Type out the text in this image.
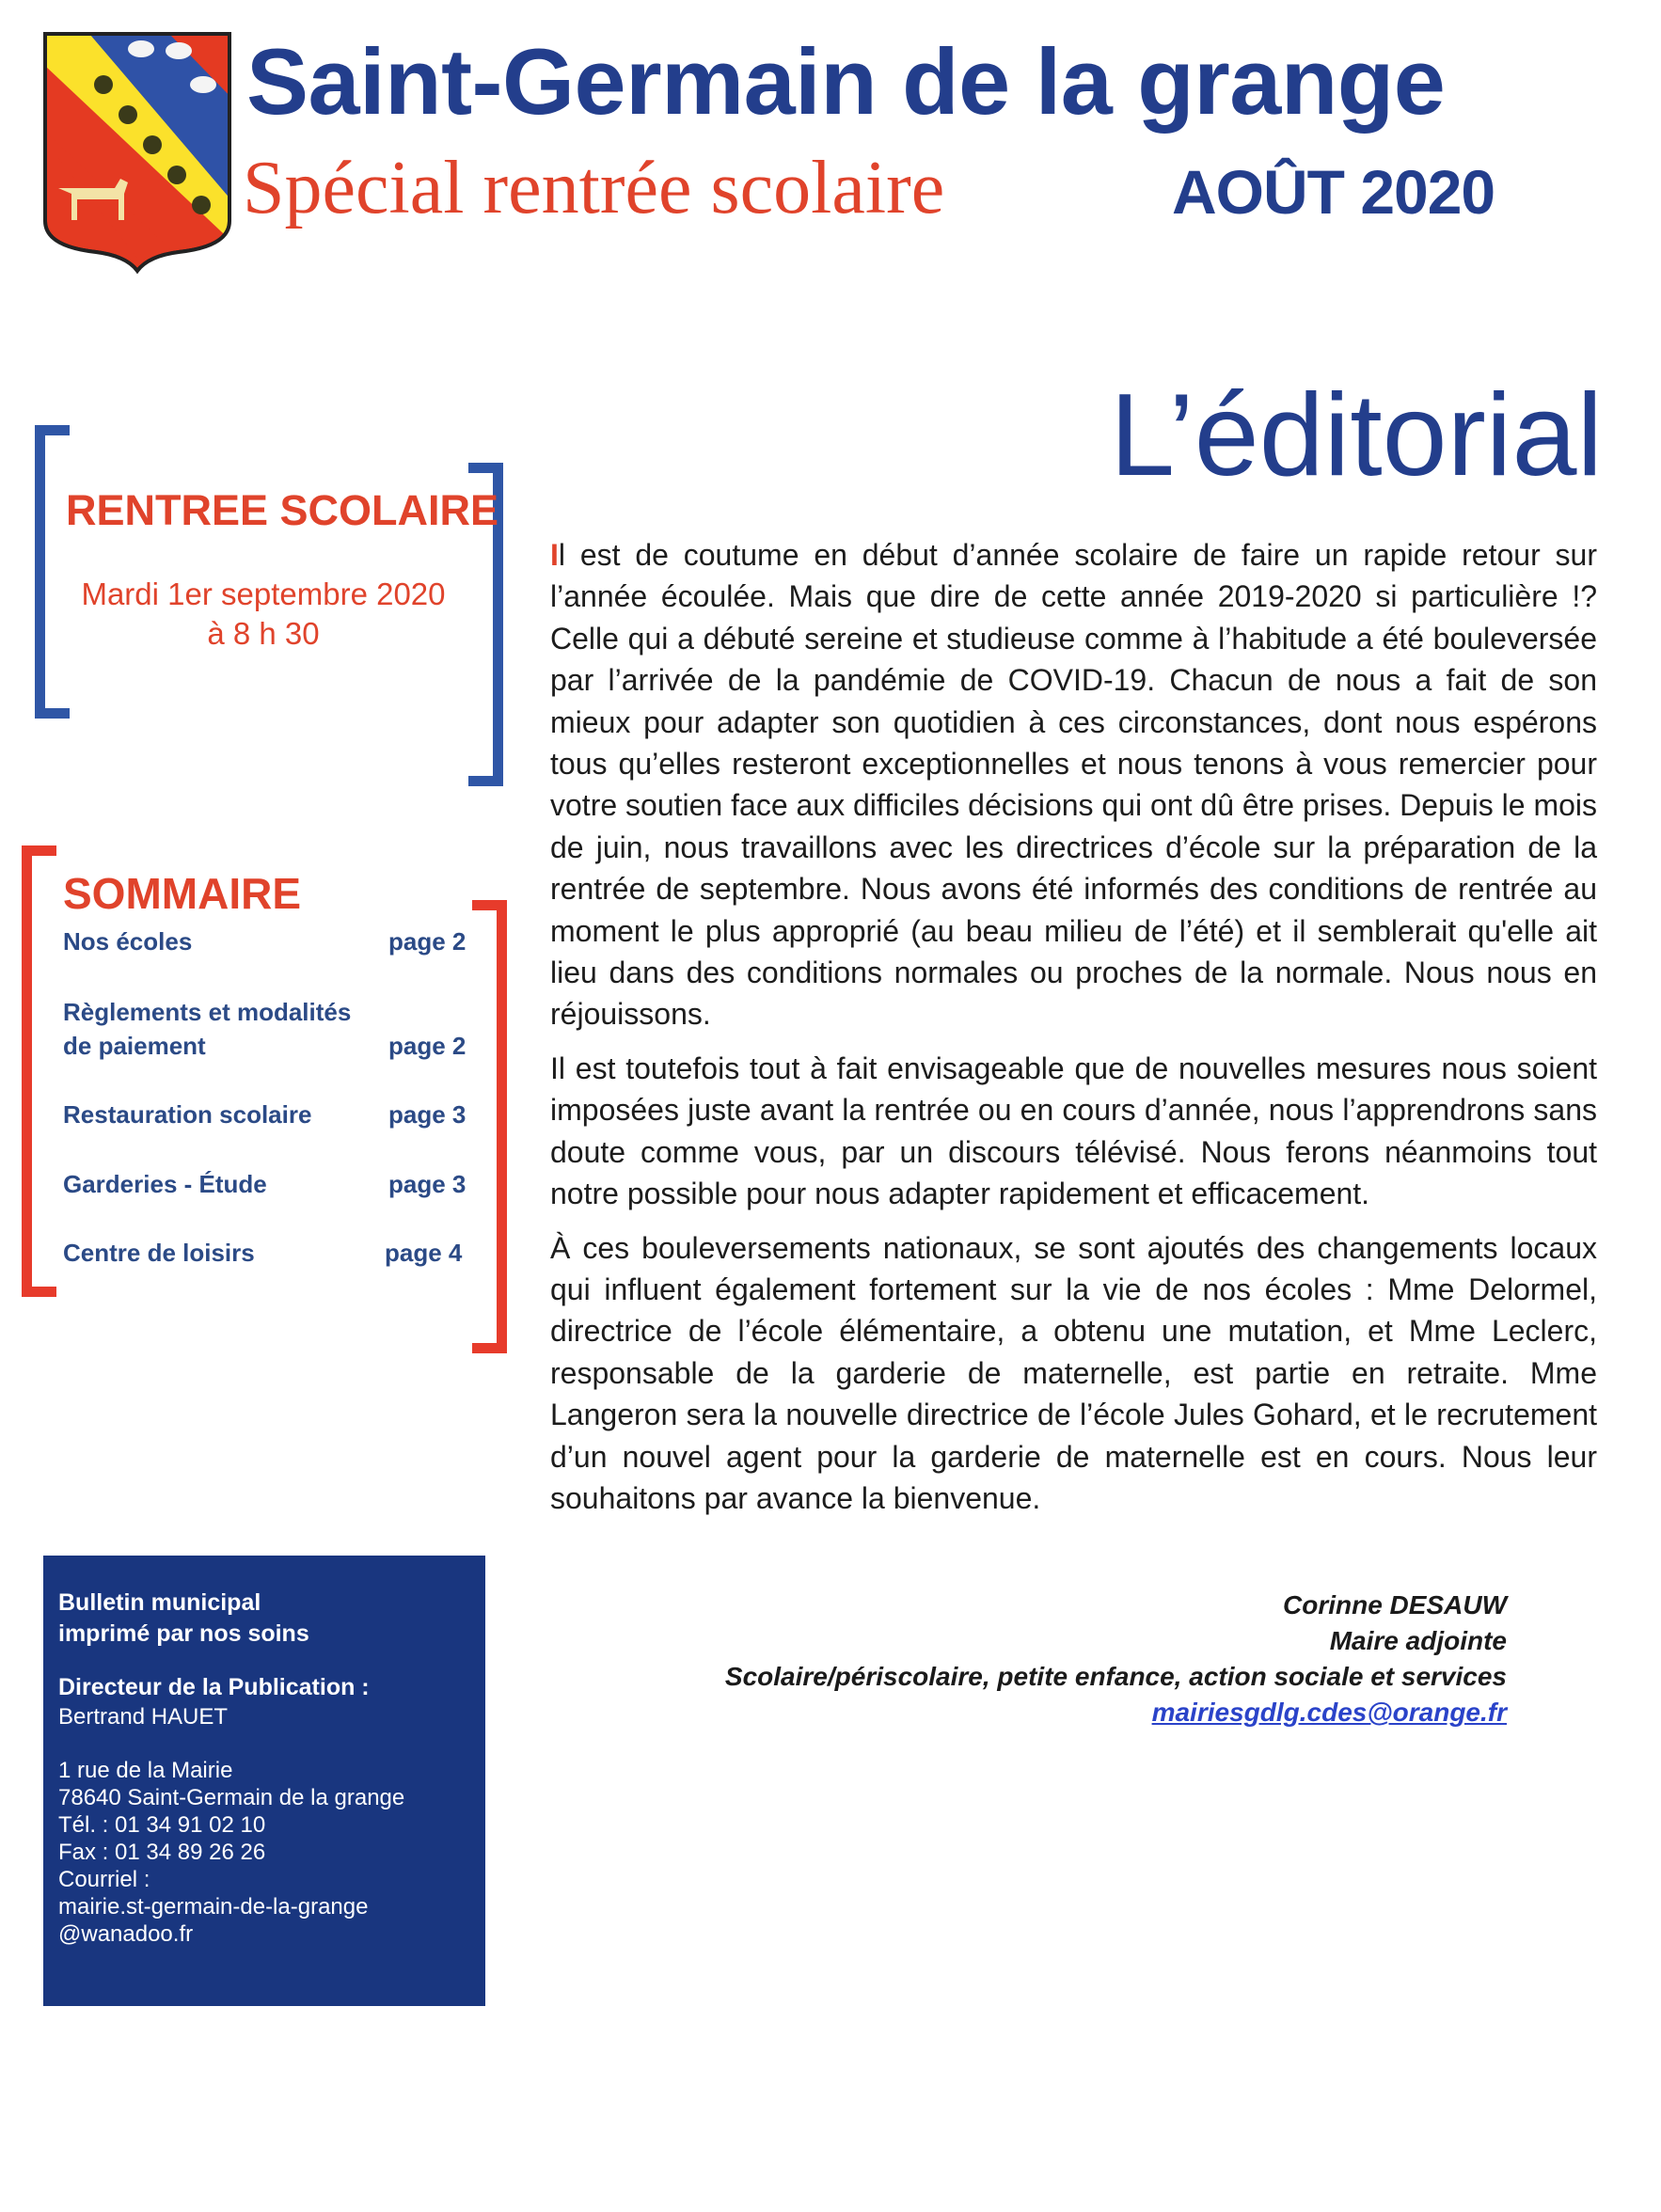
Saint-Germain de la grange
Spécial rentrée scolaire	AOÛT 2020
L’éditorial
RENTREE SCOLAIRE
Mardi 1er septembre 2020
à 8 h 30
SOMMAIRE
Nos écoles	page 2
Règlements et modalités
de paiement	page 2
Restauration scolaire	page 3
Garderies - Étude	page 3
Centre de loisirs	page 4
Bulletin municipal
imprimé par nos soins
Directeur de la Publication :
Bertrand HAUET
1 rue de la Mairie
78640 Saint-Germain de la grange
Tél. : 01 34 91 02 10
Fax : 01 34 89 26 26
Courriel :
mairie.st-germain-de-la-grange
@wanadoo.fr

Il est de coutume en début d’année scolaire de faire un rapide retour sur l’année écoulée. Mais que dire de cette année 2019-2020 si particulière !? Celle qui a débuté sereine et studieuse comme à l’habitude a été bouleversée par l’arrivée de la pandémie de COVID-19. Chacun de nous a fait de son mieux pour adapter son quotidien à ces circonstances, dont nous espérons tous qu’elles resteront exceptionnelles et nous tenons à vous remercier pour votre soutien face aux difficiles décisions qui ont dû être prises. Depuis le mois de juin, nous travaillons avec les directrices d’école sur la préparation de la rentrée de septembre. Nous avons été informés des conditions de rentrée au moment le plus approprié (au beau milieu de l’été) et il semblerait qu'elle ait lieu dans des conditions normales ou proches de la normale. Nous nous en réjouissons.

Il est toutefois tout à fait envisageable que de nouvelles mesures nous soient imposées juste avant la rentrée ou en cours d’année, nous l’apprendrons sans doute comme vous, par un discours télévisé. Nous ferons néanmoins tout notre possible pour nous adapter rapidement et efficacement.

À ces bouleversements nationaux, se sont ajoutés des changements locaux qui influent également fortement sur la vie de nos écoles : Mme Delormel, directrice de l’école élémentaire, a obtenu une mutation, et Mme Leclerc, responsable de la garderie de maternelle, est partie en retraite. Mme Langeron sera la nouvelle directrice de l’école Jules Gohard, et le recrutement d’un nouvel agent pour la garderie de maternelle est en cours. Nous leur souhaitons par avance la bienvenue.

Corinne DESAUW
Maire adjointe
Scolaire/périscolaire, petite enfance, action sociale et services
mairiesgdlg.cdes@orange.fr
